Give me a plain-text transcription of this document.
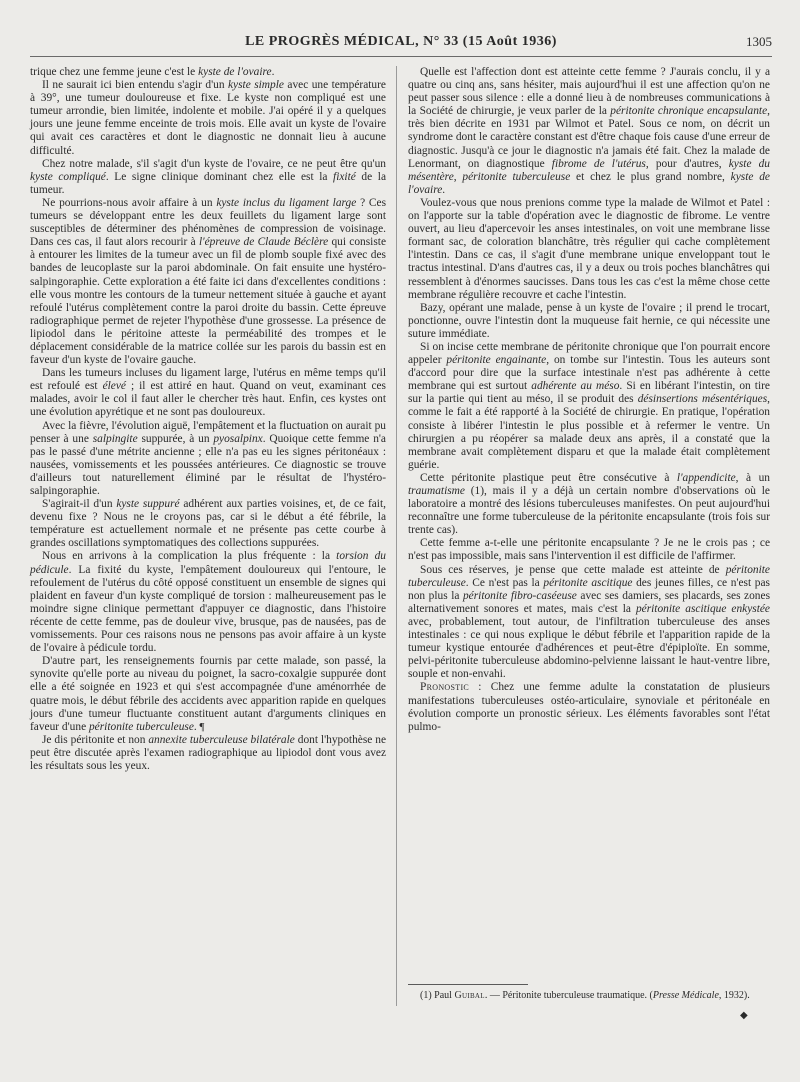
LE PROGRÈS MÉDICAL, N° 33 (15 Août 1936)	1305

trique chez une femme jeune c'est le kyste de l'ovaire.

Il ne saurait ici bien entendu s'agir d'un kyste simple avec une température à 39°, une tumeur douloureuse et fixe. Le kyste non compliqué est une tumeur arrondie, bien limitée, indolente et mobile. J'ai opéré il y a quelques jours une jeune femme enceinte de trois mois. Elle avait un kyste de l'ovaire qui avait ces caractères et dont le diagnostic ne donnait lieu à aucune difficulté.

Chez notre malade, s'il s'agit d'un kyste de l'ovaire, ce ne peut être qu'un kyste compliqué. Le signe clinique dominant chez elle est la fixité de la tumeur.

Ne pourrions-nous avoir affaire à un kyste inclus du ligament large ? Ces tumeurs se développant entre les deux feuillets du ligament large sont susceptibles de déterminer des phénomènes de compression de voisinage. Dans ces cas, il faut alors recourir à l'épreuve de Claude Béclère qui consiste à entourer les limites de la tumeur avec un fil de plomb souple fixé avec des bandes de leucoplaste sur la paroi abdominale. On fait ensuite une hystéro-salpingoraphie. Cette exploration a été faite ici dans d'excellentes conditions : elle vous montre les contours de la tumeur nettement située à gauche et ayant refoulé l'utérus complètement contre la paroi droite du bassin. Cette épreuve radiographique permet de rejeter l'hypothèse d'une grossesse. La présence de lipiodol dans le péritoine atteste la perméabilité des trompes et le déplacement considérable de la matrice collée sur les parois du bassin est en faveur d'un kyste de l'ovaire gauche.

Dans les tumeurs incluses du ligament large, l'utérus en même temps qu'il est refoulé est élevé ; il est attiré en haut. Quand on veut, examinant ces malades, avoir le col il faut aller le chercher très haut. Enfin, ces kystes ont une évolution apyrétique et ne sont pas douloureux.

Avec la fièvre, l'évolution aiguë, l'empâtement et la fluctuation on aurait pu penser à une salpingite suppurée, à un pyosalpinx. Quoique cette femme n'a pas le passé d'une métrite ancienne ; elle n'a pas eu les signes péritonéaux : nausées, vomissements et les poussées antérieures. Ce diagnostic se trouve d'ailleurs tout naturellement éliminé par le résultat de l'hystéro-salpingoraphie.

S'agirait-il d'un kyste suppuré adhérent aux parties voisines, et, de ce fait, devenu fixe ? Nous ne le croyons pas, car si le début a été fébrile, la température est actuellement normale et ne présente pas cette courbe à grandes oscillations symptomatiques des collections suppurées.

Nous en arrivons à la complication la plus fréquente : la torsion du pédicule. La fixité du kyste, l'empâtement douloureux qui l'entoure, le refoulement de l'utérus du côté opposé constituent un ensemble de signes qui plaident en faveur d'un kyste compliqué de torsion : malheureusement pas le moindre signe clinique permettant d'appuyer ce diagnostic, dans l'histoire récente de cette femme, pas de douleur vive, brusque, pas de nausées, pas de vomissements. Pour ces raisons nous ne pensons pas avoir affaire à un kyste de l'ovaire à pédicule tordu.

D'autre part, les renseignements fournis par cette malade, son passé, la synovite qu'elle porte au niveau du poignet, la sacro-coxalgie suppurée dont elle a été soignée en 1923 et qui s'est accompagnée d'une aménorrhée de quatre mois, le début fébrile des accidents avec apparition rapide en quelques jours d'une tumeur fluctuante constituent autant d'arguments cliniques en faveur d'une péritonite tuberculeuse. ¶

Je dis péritonite et non annexite tuberculeuse bilatérale dont l'hypothèse ne peut être discutée après l'examen radiographique au lipiodol dont vous avez les résultats sous les yeux.

Quelle est l'affection dont est atteinte cette femme ? J'aurais conclu, il y a quatre ou cinq ans, sans hésiter, mais aujourd'hui il est une affection qu'on ne peut passer sous silence : elle a donné lieu à de nombreuses communications à la Société de chirurgie, je veux parler de la péritonite chronique encapsulante, très bien décrite en 1931 par Wilmot et Patel. Sous ce nom, on décrit un syndrome dont le caractère constant est d'être chaque fois cause d'une erreur de diagnostic. Jusqu'à ce jour le diagnostic n'a jamais été fait. Chez la malade de Lenormant, on diagnostique fibrome de l'utérus, pour d'autres, kyste du mésentère, péritonite tuberculeuse et chez le plus grand nombre, kyste de l'ovaire.

Voulez-vous que nous prenions comme type la malade de Wilmot et Patel : on l'apporte sur la table d'opération avec le diagnostic de fibrome. Le ventre ouvert, au lieu d'apercevoir les anses intestinales, on voit une membrane lisse formant sac, de coloration blanchâtre, très régulier qui cache complètement l'intestin. Dans ce cas, il s'agit d'une membrane unique enveloppant tout le tractus intestinal. D'ans d'autres cas, il y a deux ou trois poches blanchâtres qui ressemblent à d'énormes saucisses. Dans tous les cas c'est la même chose cette membrane régulière recouvre et cache l'intestin.

Bazy, opérant une malade, pense à un kyste de l'ovaire ; il prend le trocart, ponctionne, ouvre l'intestin dont la muqueuse fait hernie, ce qui nécessite une suture immédiate.

Si on incise cette membrane de péritonite chronique que l'on pourrait encore appeler péritonite engainante, on tombe sur l'intestin. Tous les auteurs sont d'accord pour dire que la surface intestinale n'est pas adhérente à cette membrane qui est surtout adhérente au méso. Si en libérant l'intestin, on tire sur la partie qui tient au méso, il se produit des désinsertions mésentériques, comme le fait a été rapporté à la Société de chirurgie. En pratique, l'opération consiste à libérer l'intestin le plus possible et à refermer le ventre. Un chirurgien a pu réopérer sa malade deux ans après, il a constaté que la membrane avait complètement disparu et que la malade était complètement guérie.

Cette péritonite plastique peut être consécutive à l'appendicite, à un traumatisme (1), mais il y a déjà un certain nombre d'observations où le laboratoire a montré des lésions tuberculeuses manifestes. On peut aujourd'hui reconnaître une forme tuberculeuse de la péritonite encapsulante (trois fois sur trente cas).

Cette femme a-t-elle une péritonite encapsulante ? Je ne le crois pas ; ce n'est pas impossible, mais sans l'intervention il est difficile de l'affirmer.

Sous ces réserves, je pense que cette malade est atteinte de péritonite tuberculeuse. Ce n'est pas la péritonite ascitique des jeunes filles, ce n'est pas non plus la péritonite fibro-caséeuse avec ses damiers, ses placards, ses zones alternativement sonores et mates, mais c'est la péritonite ascitique enkystée avec, probablement, tout autour, de l'infiltration tuberculeuse des anses intestinales : ce qui nous explique le début fébrile et l'apparition rapide de la tumeur kystique entourée d'adhérences et peut-être d'épiploïte. En somme, pelvi-péritonite tuberculeuse abdomino-pelvienne laissant le haut-ventre libre, souple et non-envahi.

Pronostic : Chez une femme adulte la constatation de plusieurs manifestations tuberculeuses ostéo-articulaire, synoviale et péritonéale en évolution comporte un pronostic sérieux. Les éléments favorables sont l'état pulmo-

(1) Paul Guibal. — Péritonite tuberculeuse traumatique. (Presse Médicale, 1932).
◆
